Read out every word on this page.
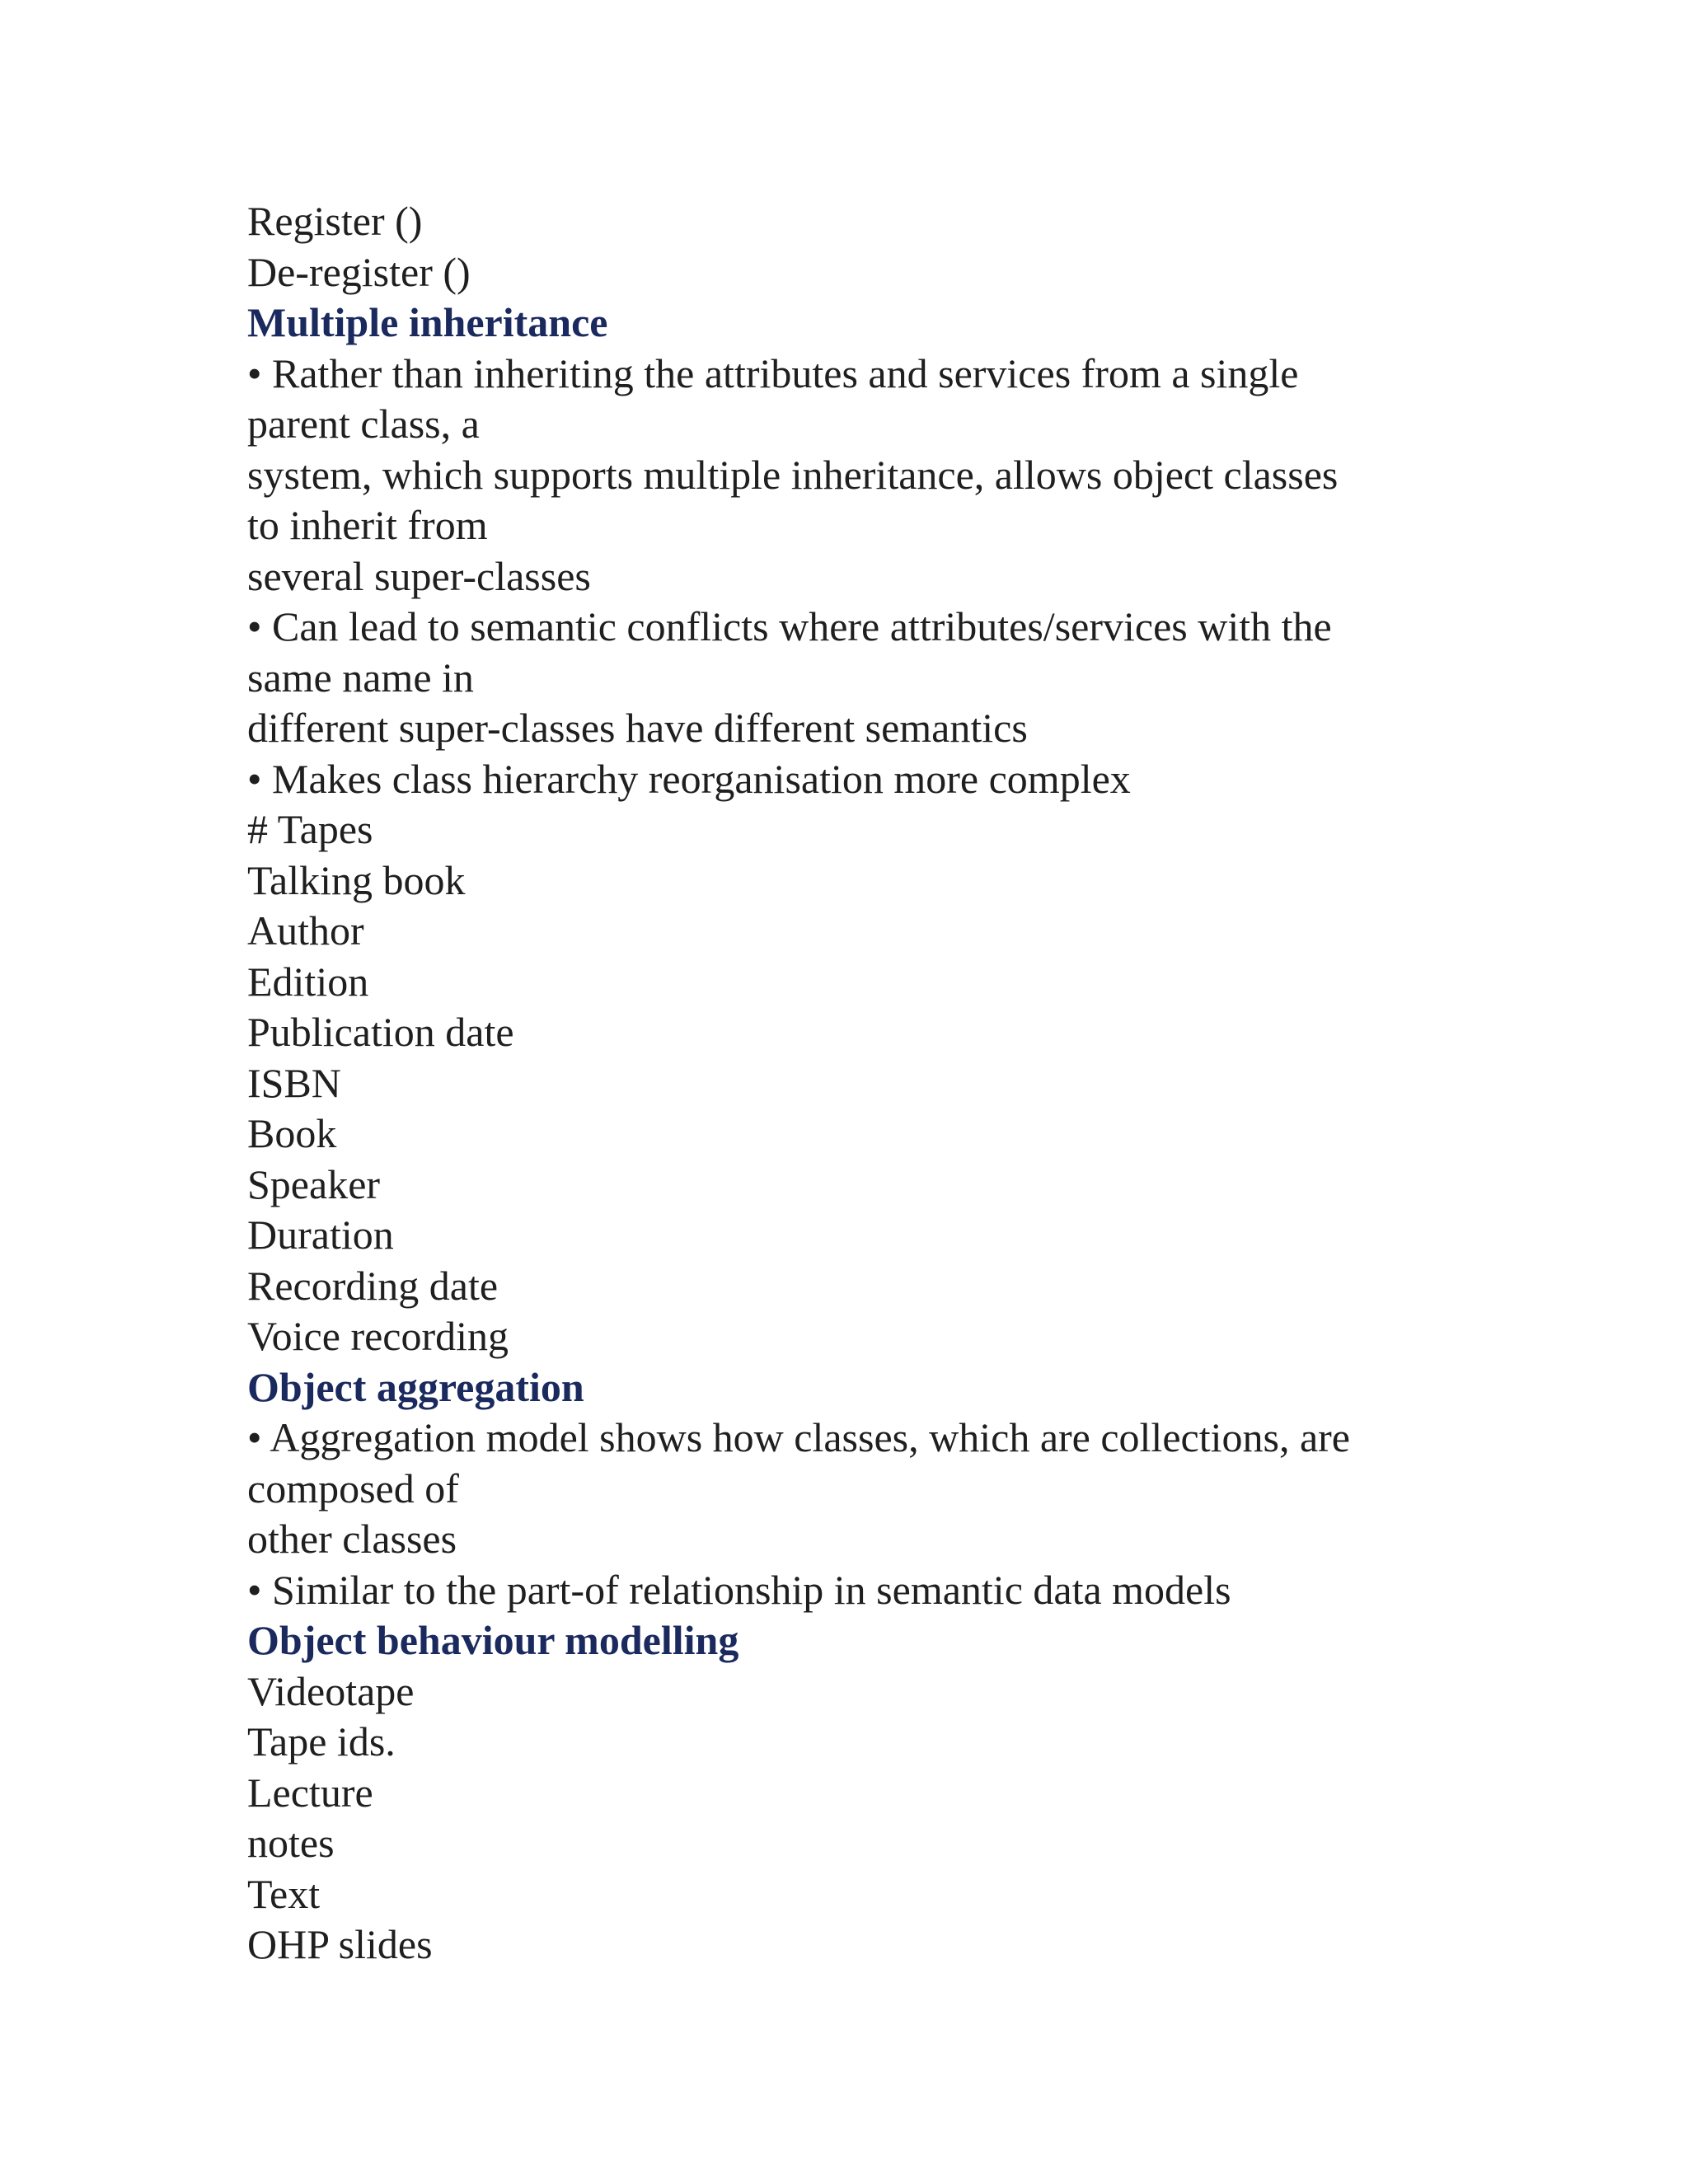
Register ()
De-register ()
Multiple inheritance
• Rather than inheriting the attributes and services from a single
parent class, a
system, which supports multiple inheritance, allows object classes
to inherit from
several super-classes
• Can lead to semantic conflicts where attributes/services with the
same name in
different super-classes have different semantics
• Makes class hierarchy reorganisation more complex
# Tapes
Talking book
Author
Edition
Publication date
ISBN
Book
Speaker
Duration
Recording date
Voice recording
Object aggregation
• Aggregation model shows how classes, which are collections, are
composed of
other classes
• Similar to the part-of relationship in semantic data models
Object behaviour modelling
Videotape
Tape ids.
Lecture
notes
Text
OHP slides
